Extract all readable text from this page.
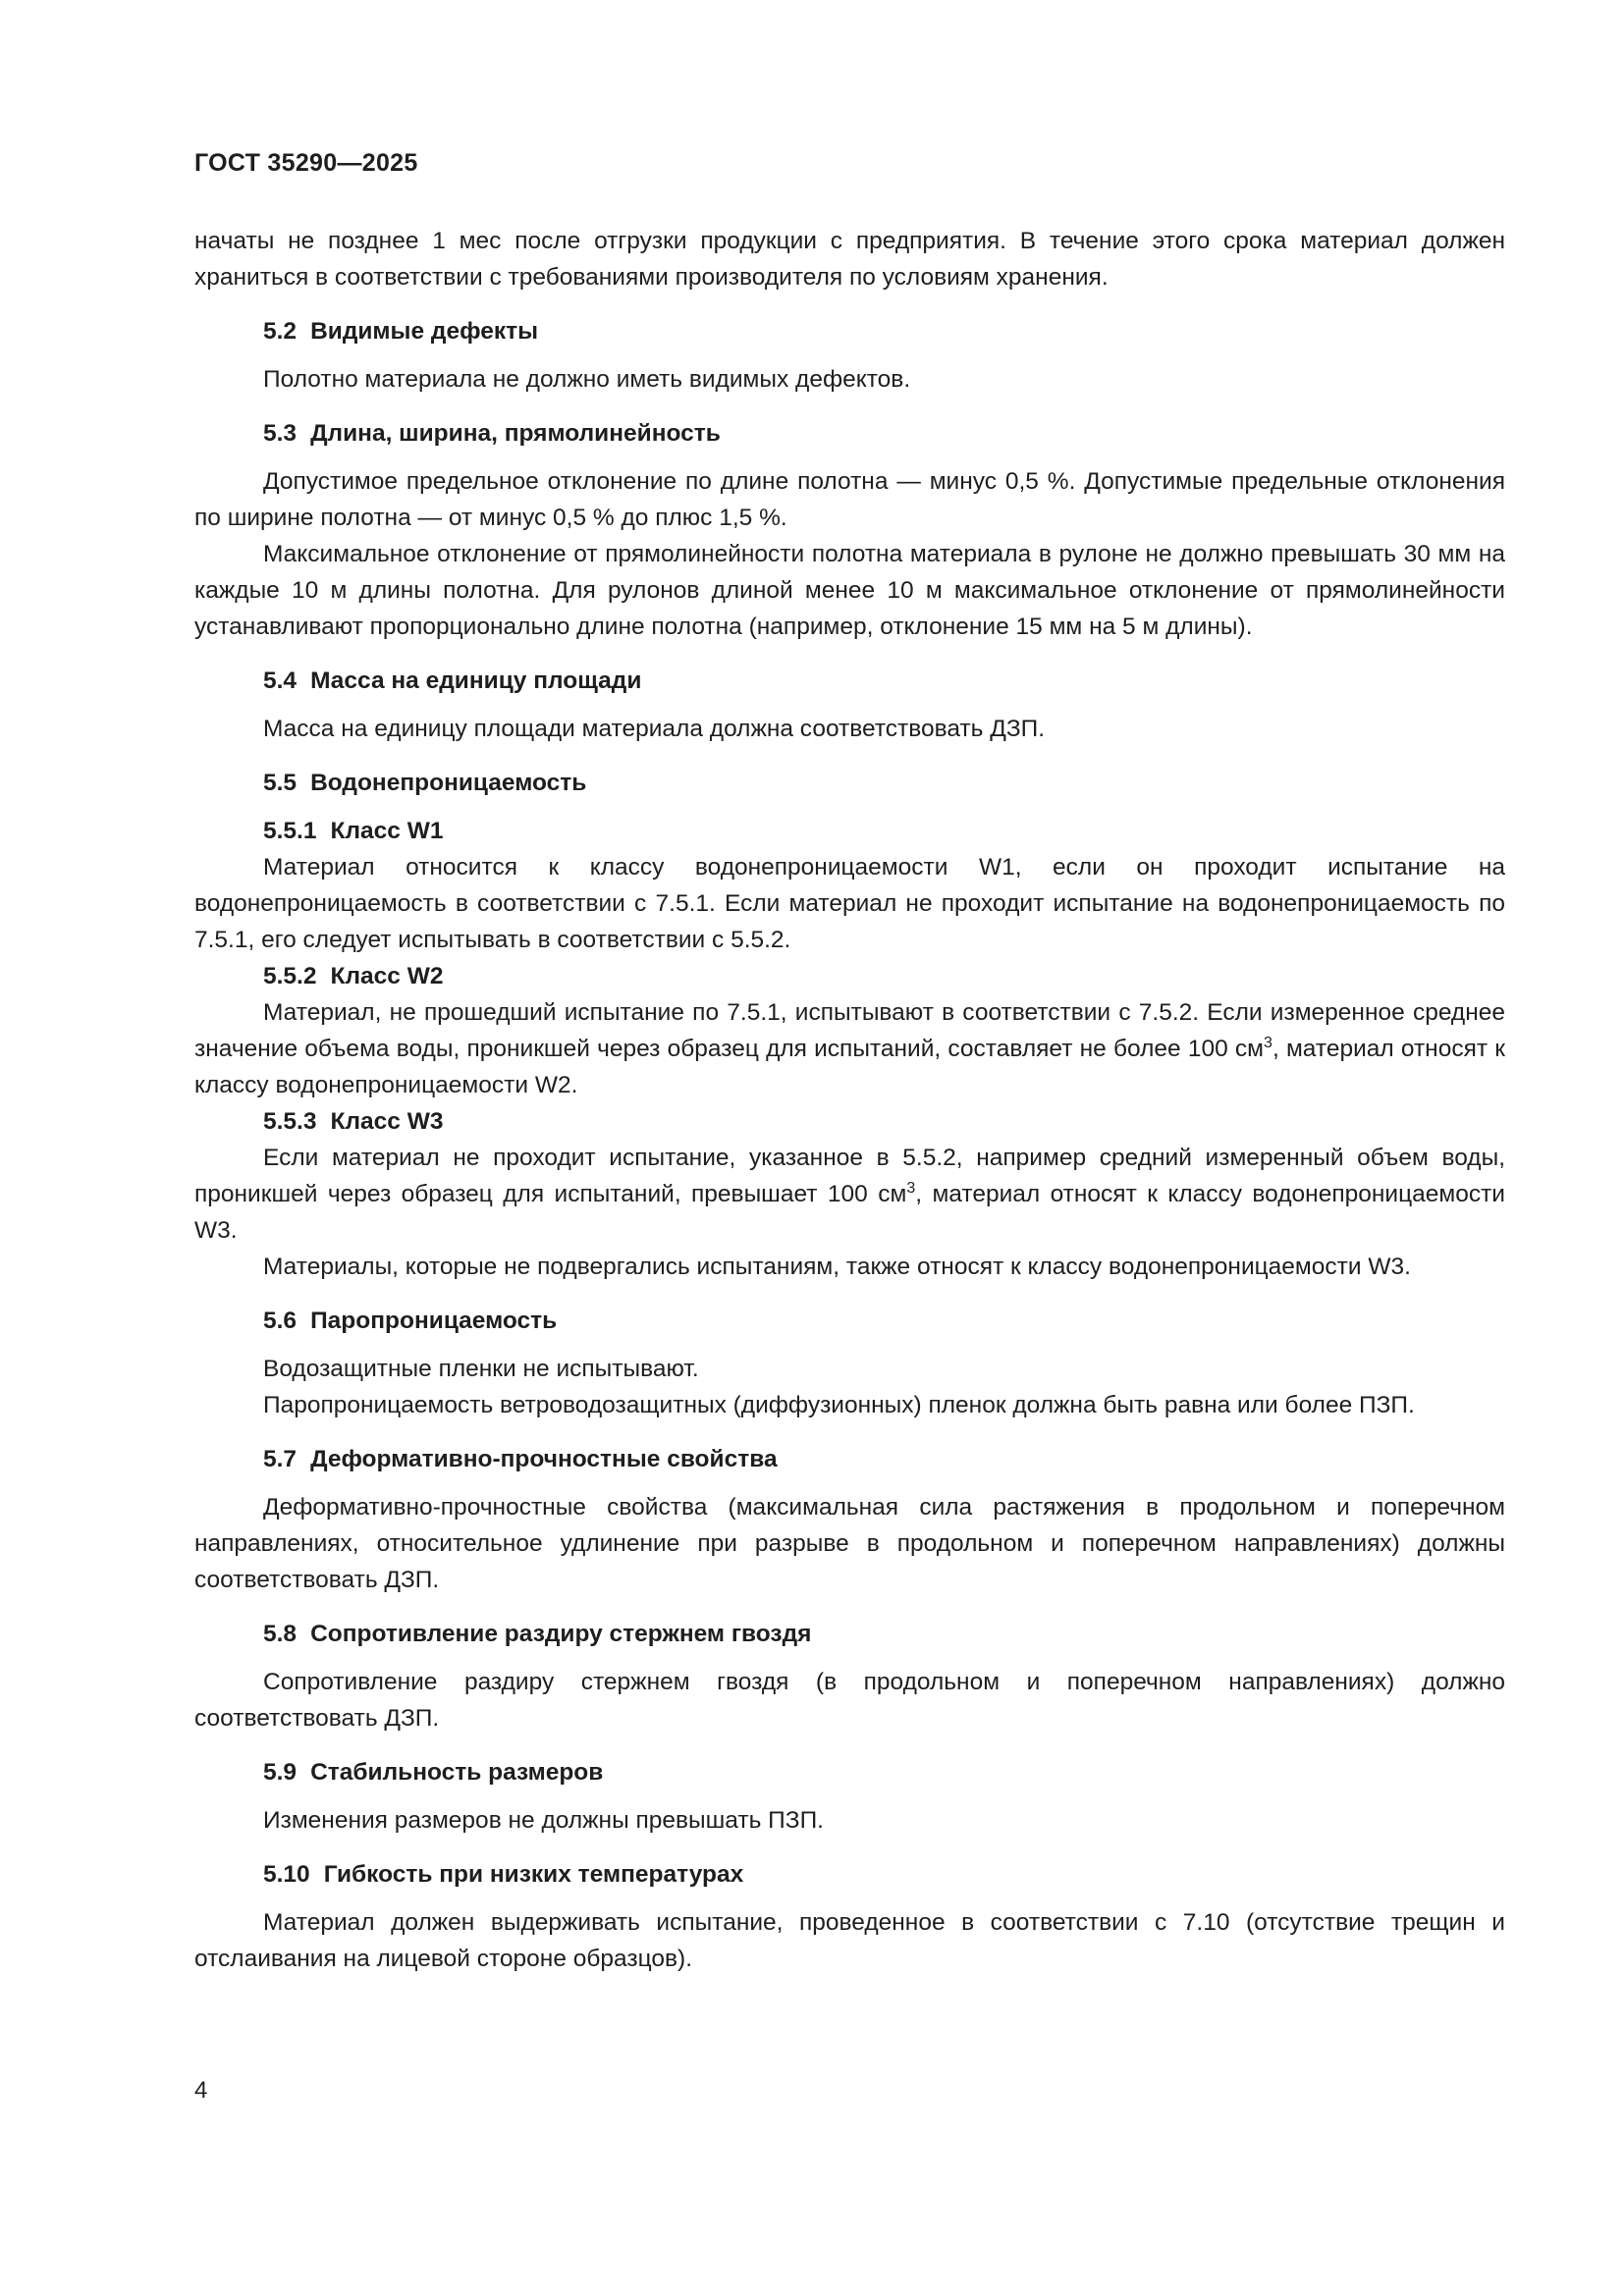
ГОСТ 35290—2025

начаты не позднее 1 мес после отгрузки продукции с предприятия. В течение этого срока материал должен храниться в соответствии с требованиями производителя по условиям хранения.

5.2 Видимые дефекты

Полотно материала не должно иметь видимых дефектов.

5.3 Длина, ширина, прямолинейность

Допустимое предельное отклонение по длине полотна — минус 0,5 %. Допустимые предельные отклонения по ширине полотна — от минус 0,5 % до плюс 1,5 %.

Максимальное отклонение от прямолинейности полотна материала в рулоне не должно превышать 30 мм на каждые 10 м длины полотна. Для рулонов длиной менее 10 м максимальное отклонение от прямолинейности устанавливают пропорционально длине полотна (например, отклонение 15 мм на 5 м длины).

5.4 Масса на единицу площади

Масса на единицу площади материала должна соответствовать ДЗП.

5.5 Водонепроницаемость

5.5.1 Класс W1

Материал относится к классу водонепроницаемости W1, если он проходит испытание на водонепроницаемость в соответствии с 7.5.1. Если материал не проходит испытание на водонепроницаемость по 7.5.1, его следует испытывать в соответствии с 5.5.2.

5.5.2 Класс W2

Материал, не прошедший испытание по 7.5.1, испытывают в соответствии с 7.5.2. Если измеренное среднее значение объема воды, проникшей через образец для испытаний, составляет не более 100 $см^3$, материал относят к классу водонепроницаемости W2.

5.5.3 Класс W3

Если материал не проходит испытание, указанное в 5.5.2, например средний измеренный объем воды, проникшей через образец для испытаний, превышает 100 $см^3$, материал относят к классу водонепроницаемости W3.

Материалы, которые не подвергались испытаниям, также относят к классу водонепроницаемости W3.

5.6 Паропроницаемость

Водозащитные пленки не испытывают.

Паропроницаемость ветроводозащитных (диффузионных) пленок должна быть равна или более ПЗП.

5.7 Деформативно-прочностные свойства

Деформативно-прочностные свойства (максимальная сила растяжения в продольном и поперечном направлениях, относительное удлинение при разрыве в продольном и поперечном направлениях) должны соответствовать ДЗП.

5.8 Сопротивление раздиру стержнем гвоздя

Сопротивление раздиру стержнем гвоздя (в продольном и поперечном направлениях) должно соответствовать ДЗП.

5.9 Стабильность размеров

Изменения размеров не должны превышать ПЗП.

5.10 Гибкость при низких температурах

Материал должен выдерживать испытание, проведенное в соответствии с 7.10 (отсутствие трещин и отслаивания на лицевой стороне образцов).

4
